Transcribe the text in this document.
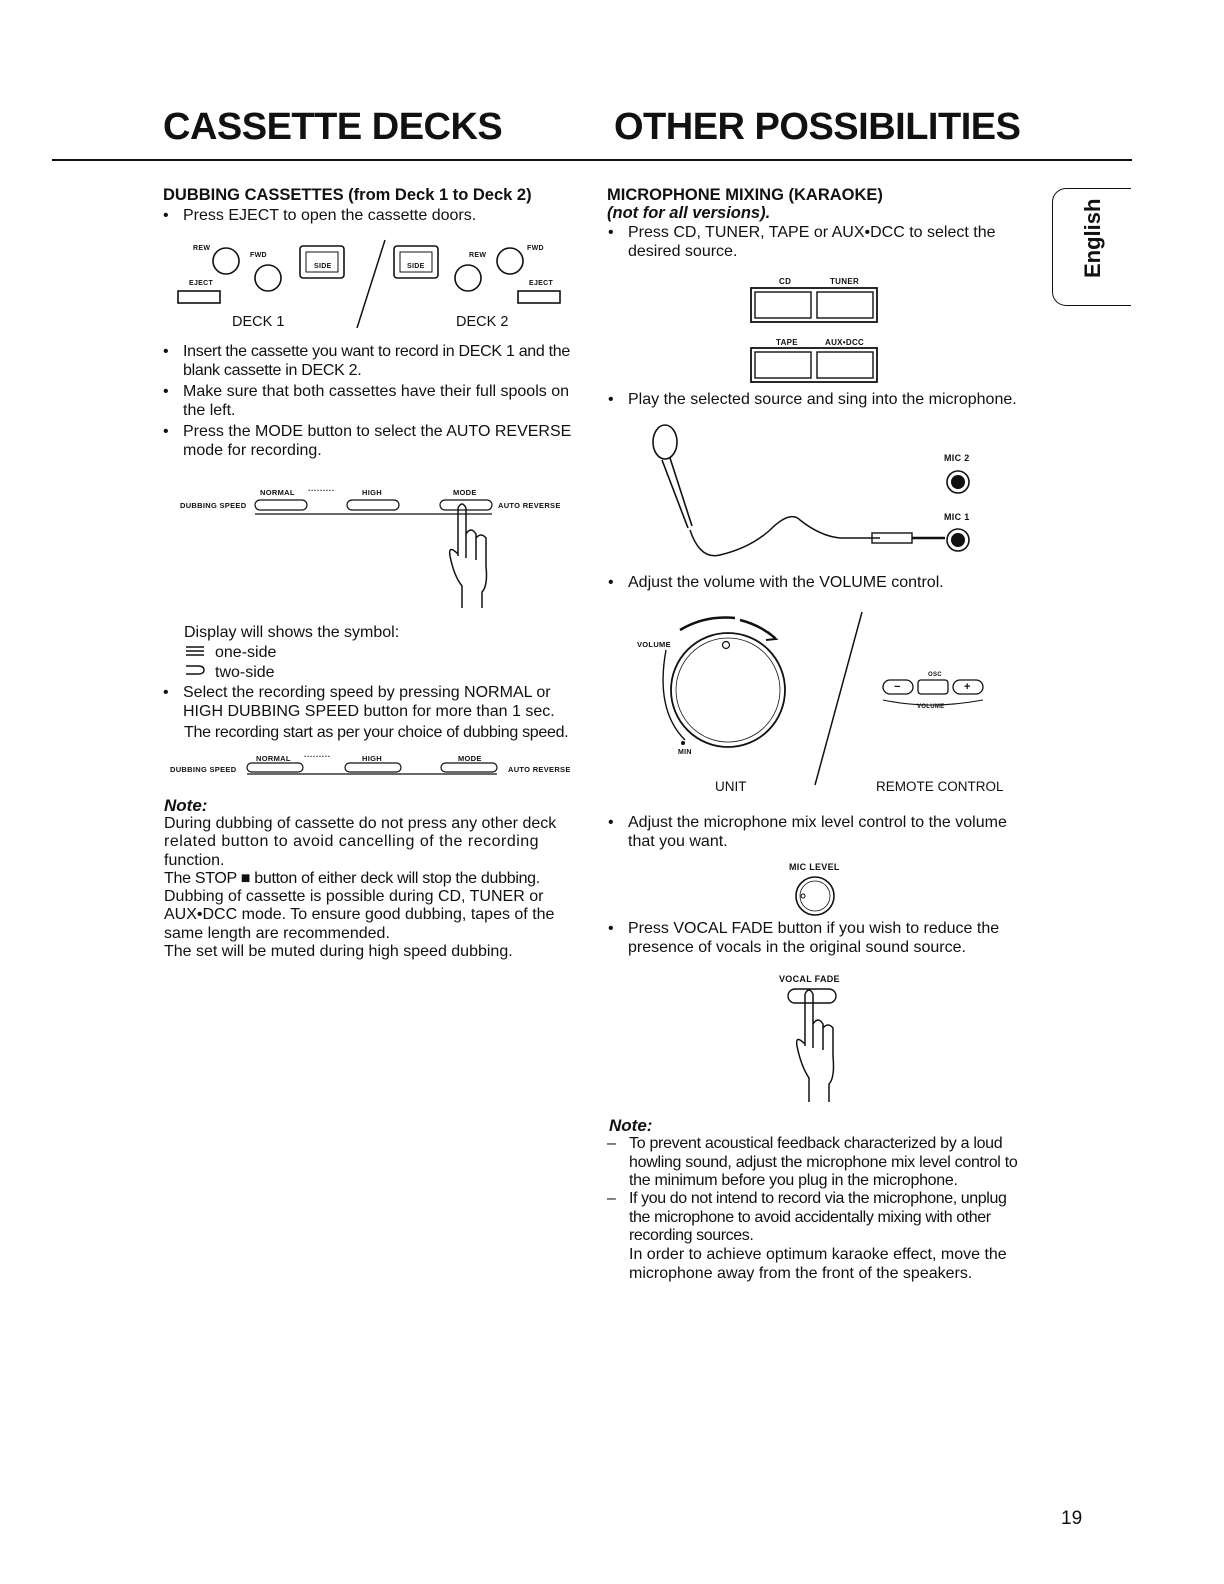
CASSETTE DECKS	OTHER POSSIBILITIES
English
DUBBING CASSETTES (from Deck 1 to Deck 2)
• Press EJECT to open the cassette doors.
REW
FWD
EJECT
SIDE	SIDE
REW
FWD
EJECT
DECK 1	DECK 2
• Insert the cassette you want to record in DECK 1 and the blank cassette in DECK 2.
• Make sure that both cassettes have their full spools on the left.
• Press the MODE button to select the AUTO REVERSE mode for recording.
NORMAL ·········	HIGH	MODE
DUBBING SPEED	AUTO REVERSE
Display will shows the symbol:
one-side
two-side
• Select the recording speed by pressing NORMAL or HIGH DUBBING SPEED button for more than 1 sec.
The recording start as per your choice of dubbing speed.
NORMAL ·········	HIGH	MODE
DUBBING SPEED	AUTO REVERSE
Note:
During dubbing of cassette do not press any other deck
related button to avoid cancelling of the recording
function.
The STOP ■ button of either deck will stop the dubbing.
Dubbing of cassette is possible during CD, TUNER or
AUX•DCC mode. To ensure good dubbing, tapes of the
same length are recommended.
The set will be muted during high speed dubbing.
MICROPHONE MIXING (KARAOKE)
(not for all versions).
• Press CD, TUNER, TAPE or AUX•DCC to select the desired source.
CD	TUNER
TAPE	AUX•DCC
• Play the selected source and sing into the microphone.
MIC 2
MIC 1
• Adjust the volume with the VOLUME control.
VOLUME
MIN
OSC
VOLUME
−	+
UNIT	REMOTE CONTROL
• Adjust the microphone mix level control to the volume that you want.
MIC LEVEL
• Press VOCAL FADE button if you wish to reduce the presence of vocals in the original sound source.
VOCAL FADE
Note:
– To prevent acoustical feedback characterized by a loud howling sound, adjust the microphone mix level control to the minimum before you plug in the microphone.
– If you do not intend to record via the microphone, unplug the microphone to avoid accidentally mixing with other recording sources.
In order to achieve optimum karaoke effect, move the microphone away from the front of the speakers.
19
